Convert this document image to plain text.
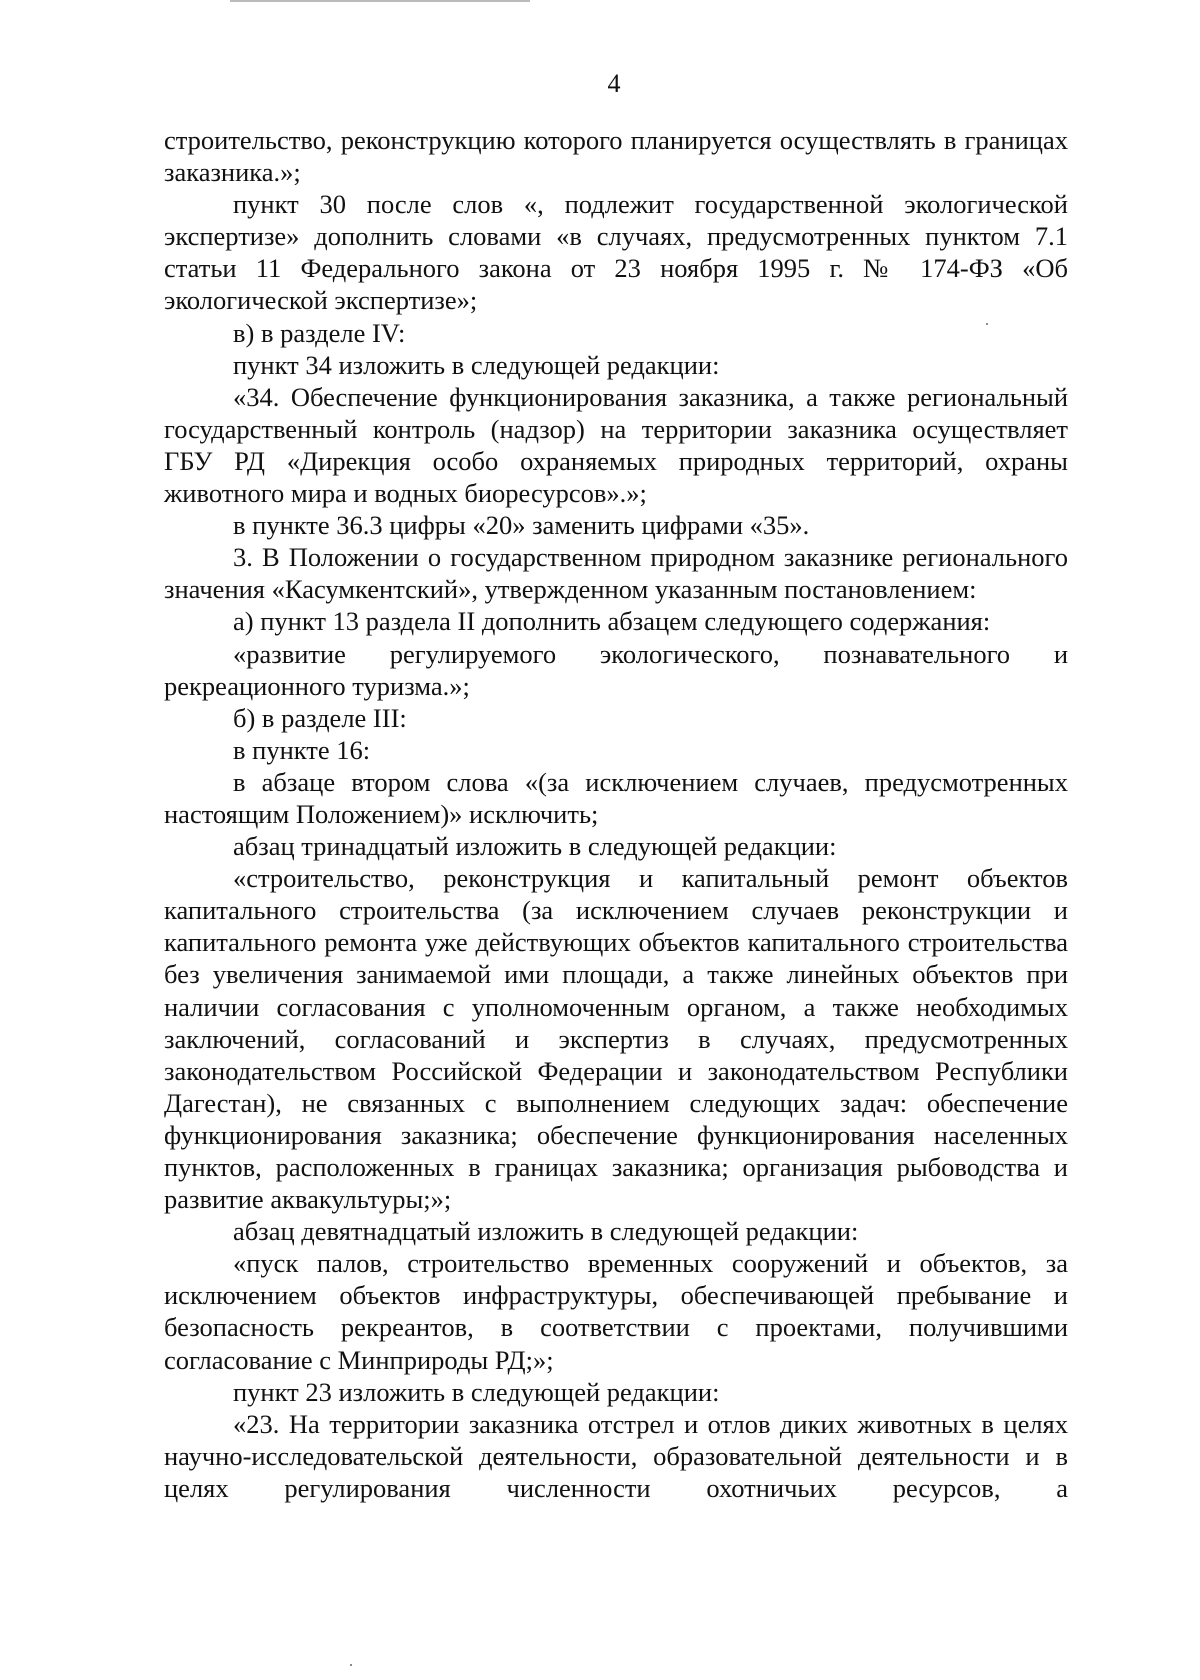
4

строительство, реконструкцию которого планируется осуществлять в границах заказника.»;

пункт 30 после слов «, подлежит государственной экологической экспертизе» дополнить словами «в случаях, предусмотренных пунктом 7.1 статьи 11 Федерального закона от 23 ноября 1995 г. № 174-ФЗ «Об экологической экспертизе»;

в) в разделе IV:

пункт 34 изложить в следующей редакции:

«34. Обеспечение функционирования заказника, а также региональный государственный контроль (надзор) на территории заказника осуществляет ГБУ РД «Дирекция особо охраняемых природных территорий, охраны животного мира и водных биоресурсов».»;

в пункте 36.3 цифры «20» заменить цифрами «35».

3. В Положении о государственном природном заказнике регионального значения «Касумкентский», утвержденном указанным постановлением:

а) пункт 13 раздела II дополнить абзацем следующего содержания:

«развитие регулируемого экологического, познавательного и рекреационного туризма.»;

б) в разделе III:

в пункте 16:

в абзаце втором слова «(за исключением случаев, предусмотренных настоящим Положением)» исключить;

абзац тринадцатый изложить в следующей редакции:

«строительство, реконструкция и капитальный ремонт объектов капитального строительства (за исключением случаев реконструкции и капитального ремонта уже действующих объектов капитального строительства без увеличения занимаемой ими площади, а также линейных объектов при наличии согласования с уполномоченным органом, а также необходимых заключений, согласований и экспертиз в случаях, предусмотренных законодательством Российской Федерации и законодательством Республики Дагестан), не связанных с выполнением следующих задач: обеспечение функционирования заказника; обеспечение функционирования населенных пунктов, расположенных в границах заказника; организация рыбоводства и развитие аквакультуры;»;

абзац девятнадцатый изложить в следующей редакции:

«пуск палов, строительство временных сооружений и объектов, за исключением объектов инфраструктуры, обеспечивающей пребывание и безопасность рекреантов, в соответствии с проектами, получившими согласование с Минприроды РД;»;

пункт 23 изложить в следующей редакции:

«23. На территории заказника отстрел и отлов диких животных в целях научно-исследовательской деятельности, образовательной деятельности и в целях регулирования численности охотничьих ресурсов, а
